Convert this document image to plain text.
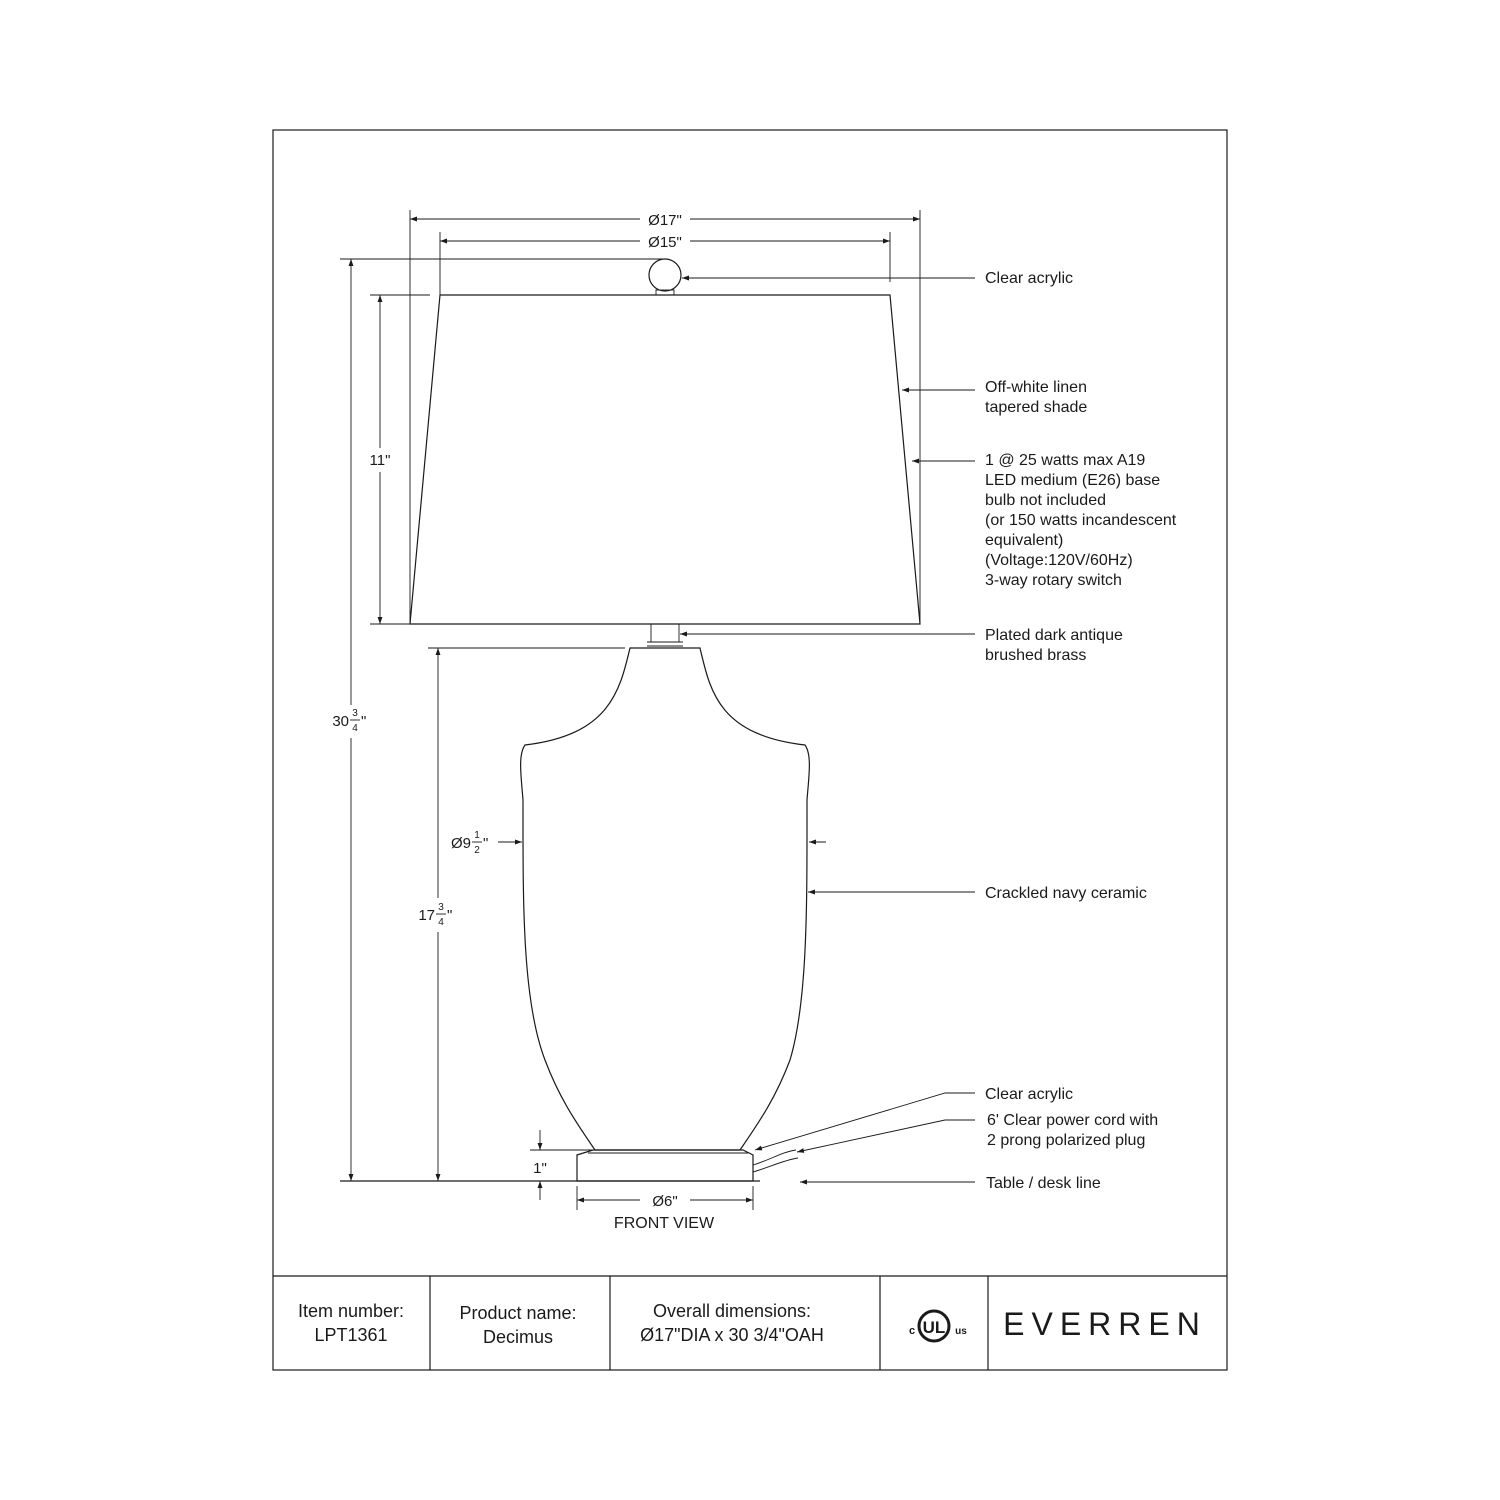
Ø17"
Ø15"
11"
30 3
4 "
17 3
4 "
Ø9 1
2 "
1"
Ø6"
FRONT VIEW
Clear acrylic
Off-white linen tapered shade
1 @ 25 watts max A19 LED medium (E26) base bulb not included (or 150 watts incandescent equivalent) (Voltage:120V/60Hz) 3-way rotary switch
Plated dark antique brushed brass
Crackled navy ceramic
Clear acrylic
6' Clear power cord with 2 prong polarized plug
Table / desk line
Item number:
LPT1361
Product name:
Decimus
Overall dimensions:
Ø17"DIA x 30 3/4"OAH	UL
c	us EVERREN
